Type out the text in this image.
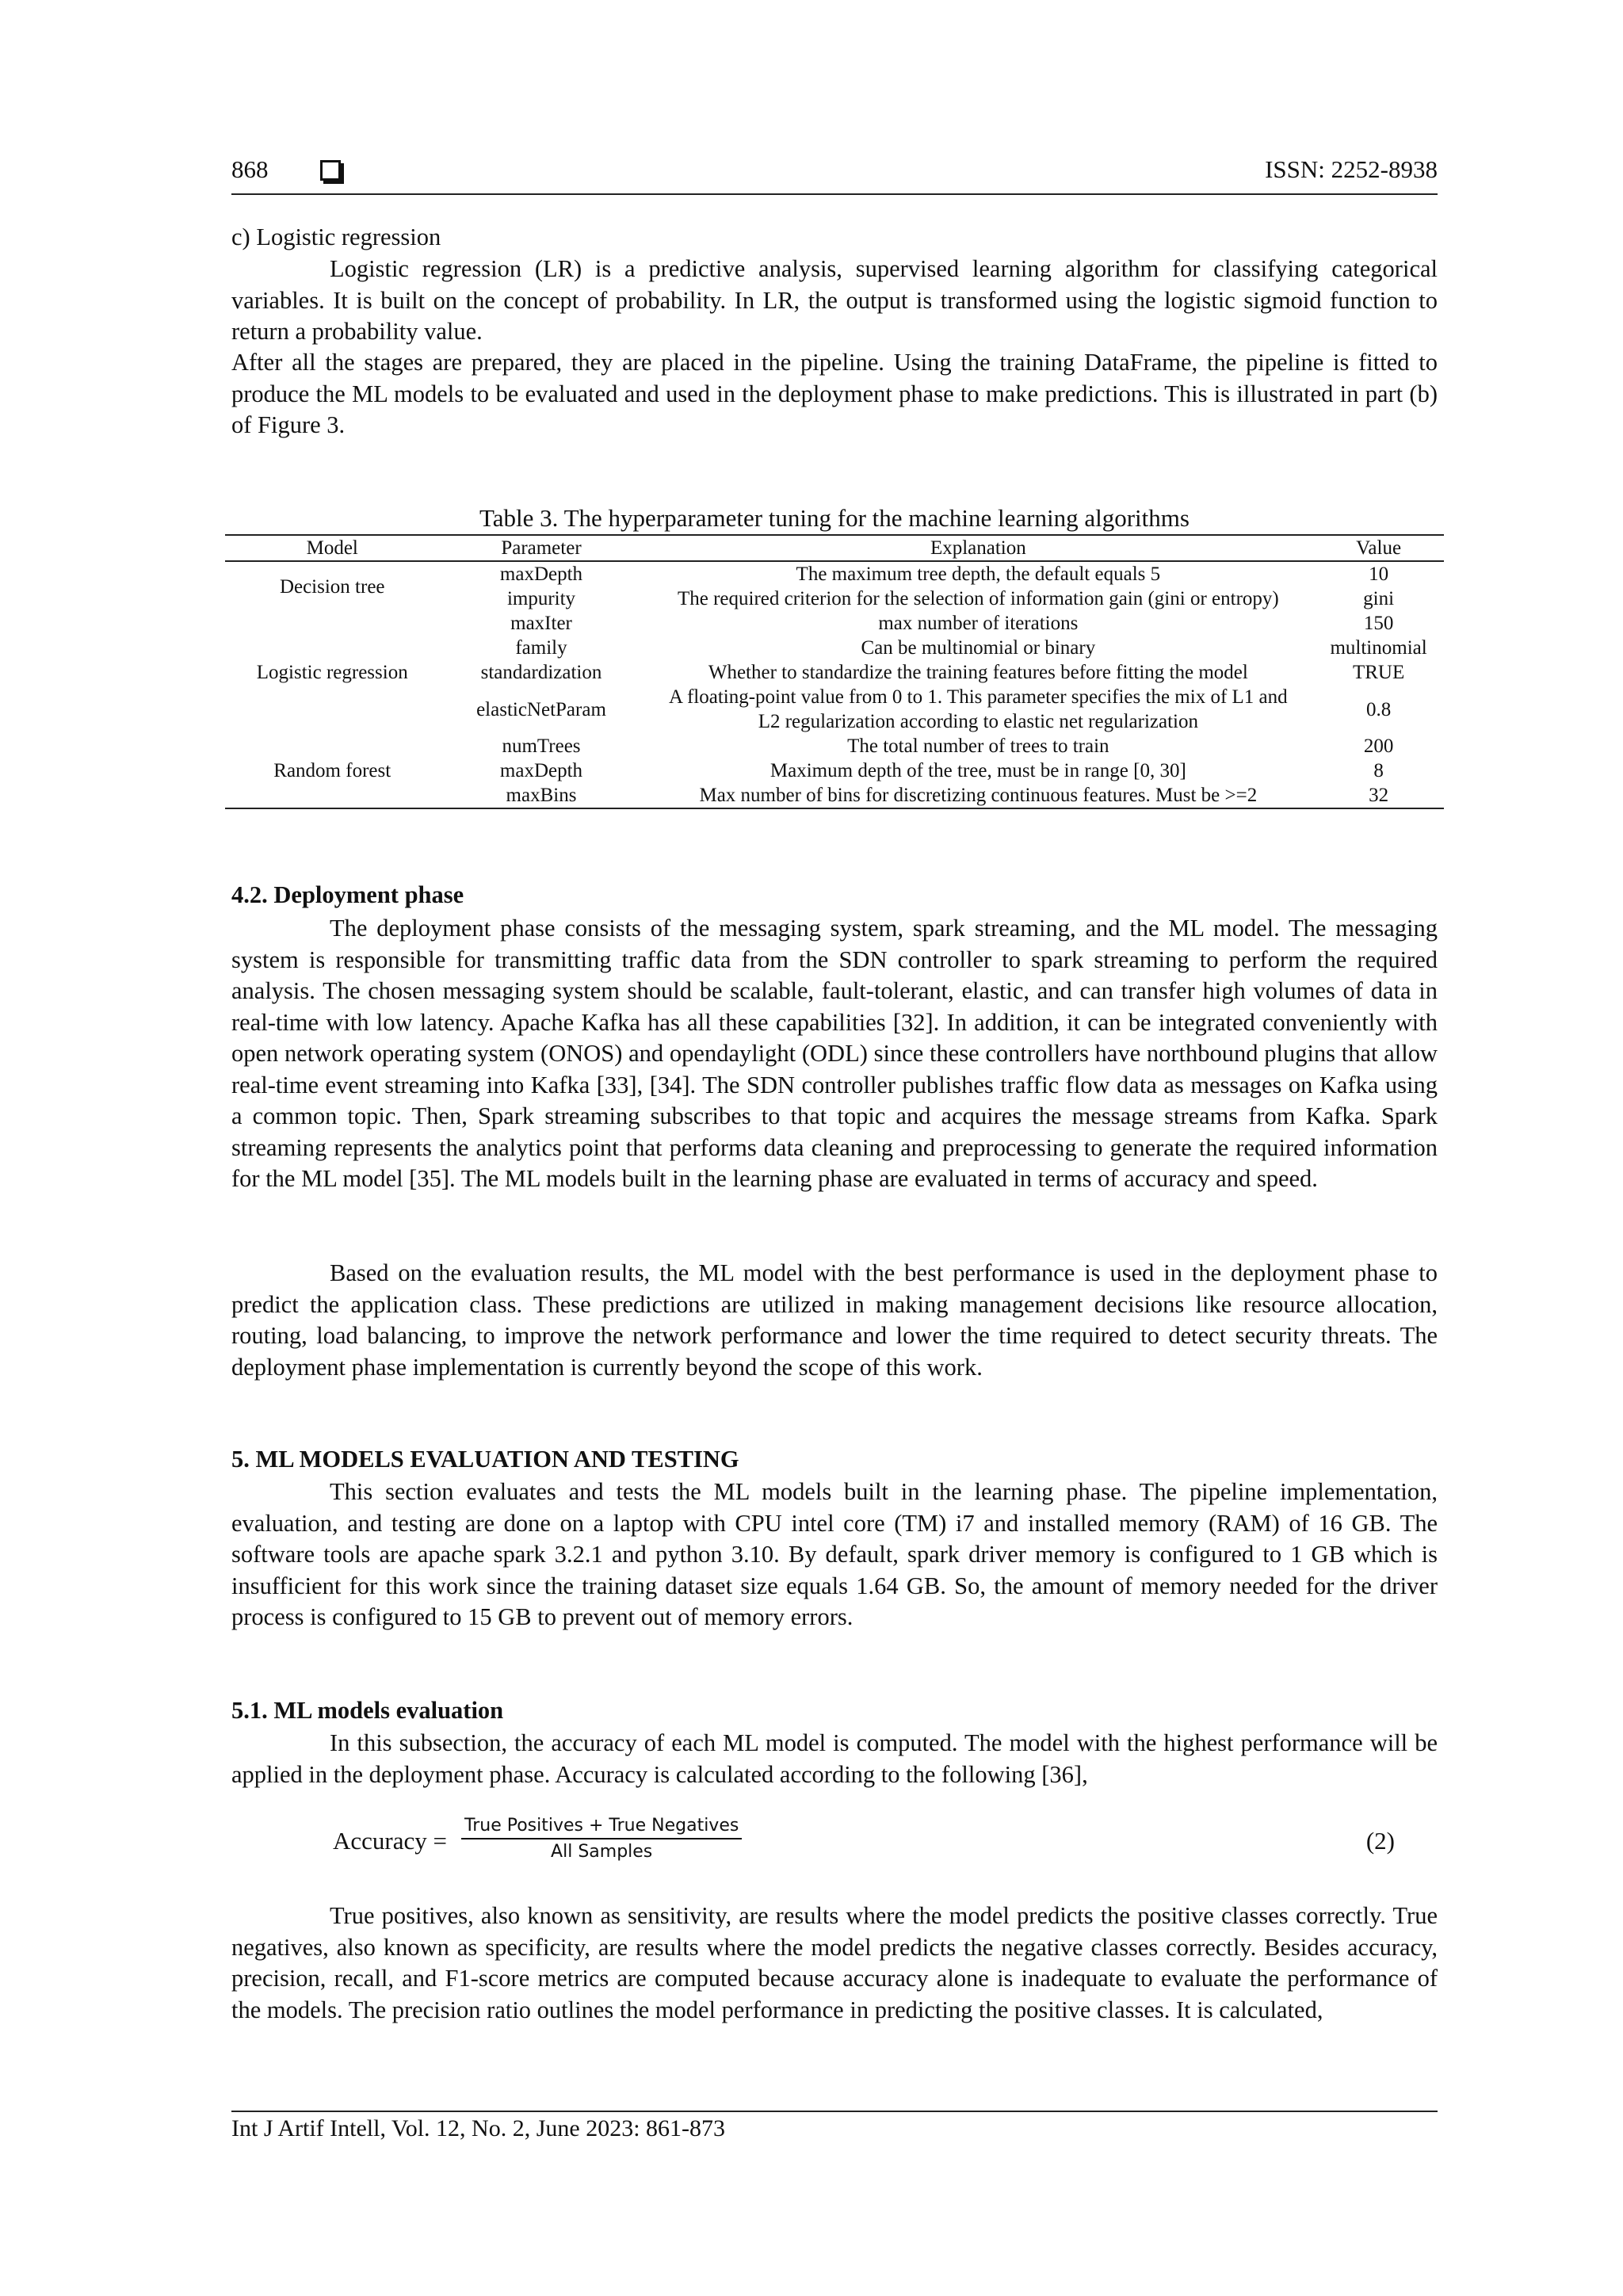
868	ISSN: 2252-8938

c) Logistic regression

Logistic regression (LR) is a predictive analysis, supervised learning algorithm for classifying categorical variables. It is built on the concept of probability. In LR, the output is transformed using the logistic sigmoid function to return a probability value.

After all the stages are prepared, they are placed in the pipeline. Using the training DataFrame, the pipeline is fitted to produce the ML models to be evaluated and used in the deployment phase to make predictions. This is illustrated in part (b) of Figure 3.

Table 3. The hyperparameter tuning for the machine learning algorithms
Model	Parameter	Explanation	Value
Decision tree	maxDepth	The maximum tree depth, the default equals 5	10
	impurity	The required criterion for the selection of information gain (gini or entropy)	gini
Logistic regression	maxIter	max number of iterations	150
	family	Can be multinomial or binary	multinomial
	standardization	Whether to standardize the training features before fitting the model	TRUE
	elasticNetParam	A floating-point value from 0 to 1. This parameter specifies the mix of L1 and L2 regularization according to elastic net regularization	0.8
Random forest	numTrees	The total number of trees to train	200
	maxDepth	Maximum depth of the tree, must be in range [0, 30]	8
	maxBins	Max number of bins for discretizing continuous features. Must be >=2	32

4.2. Deployment phase

The deployment phase consists of the messaging system, spark streaming, and the ML model. The messaging system is responsible for transmitting traffic data from the SDN controller to spark streaming to perform the required analysis. The chosen messaging system should be scalable, fault-tolerant, elastic, and can transfer high volumes of data in real-time with low latency. Apache Kafka has all these capabilities [32]. In addition, it can be integrated conveniently with open network operating system (ONOS) and opendaylight (ODL) since these controllers have northbound plugins that allow real-time event streaming into Kafka [33], [34]. The SDN controller publishes traffic flow data as messages on Kafka using a common topic. Then, Spark streaming subscribes to that topic and acquires the message streams from Kafka. Spark streaming represents the analytics point that performs data cleaning and preprocessing to generate the required information for the ML model [35]. The ML models built in the learning phase are evaluated in terms of accuracy and speed.

Based on the evaluation results, the ML model with the best performance is used in the deployment phase to predict the application class. These predictions are utilized in making management decisions like resource allocation, routing, load balancing, to improve the network performance and lower the time required to detect security threats. The deployment phase implementation is currently beyond the scope of this work.

5. ML MODELS EVALUATION AND TESTING

This section evaluates and tests the ML models built in the learning phase. The pipeline implementation, evaluation, and testing are done on a laptop with CPU intel core (TM) i7 and installed memory (RAM) of 16 GB. The software tools are apache spark 3.2.1 and python 3.10. By default, spark driver memory is configured to 1 GB which is insufficient for this work since the training dataset size equals 1.64 GB. So, the amount of memory needed for the driver process is configured to 15 GB to prevent out of memory errors.

5.1. ML models evaluation

In this subsection, the accuracy of each ML model is computed. The model with the highest performance will be applied in the deployment phase. Accuracy is calculated according to the following [36],

Accuracy =
True Positives + True Negatives
All Samples	(2)

True positives, also known as sensitivity, are results where the model predicts the positive classes correctly. True negatives, also known as specificity, are results where the model predicts the negative classes correctly. Besides accuracy, precision, recall, and F1-score metrics are computed because accuracy alone is inadequate to evaluate the performance of the models. The precision ratio outlines the model performance in predicting the positive classes. It is calculated,

Int J Artif Intell, Vol. 12, No. 2, June 2023: 861-873
